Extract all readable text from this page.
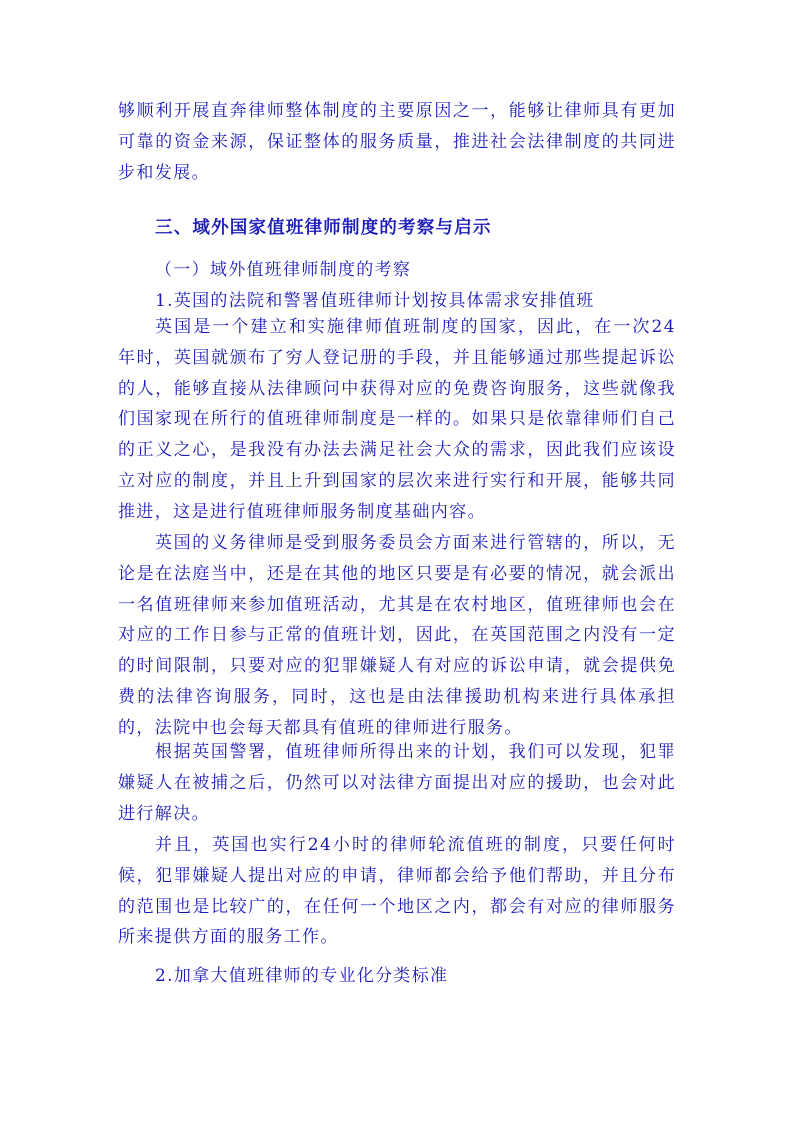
够顺利开展直奔律师整体制度的主要原因之一，能够让律师具有更加可靠的资金来源，保证整体的服务质量，推进社会法律制度的共同进步和发展。

三、域外国家值班律师制度的考察与启示

（一）域外值班律师制度的考察

1.英国的法院和警署值班律师计划按具体需求安排值班

英国是一个建立和实施律师值班制度的国家，因此，在一次24年时，英国就颁布了穷人登记册的手段，并且能够通过那些提起诉讼的人，能够直接从法律顾问中获得对应的免费咨询服务，这些就像我们国家现在所行的值班律师制度是一样的。如果只是依靠律师们自己的正义之心，是我没有办法去满足社会大众的需求，因此我们应该设立对应的制度，并且上升到国家的层次来进行实行和开展，能够共同推进，这是进行值班律师服务制度基础内容。

英国的义务律师是受到服务委员会方面来进行管辖的，所以，无论是在法庭当中，还是在其他的地区只要是有必要的情况，就会派出一名值班律师来参加值班活动，尤其是在农村地区，值班律师也会在对应的工作日参与正常的值班计划，因此，在英国范围之内没有一定的时间限制，只要对应的犯罪嫌疑人有对应的诉讼申请，就会提供免费的法律咨询服务，同时，这也是由法律援助机构来进行具体承担的，法院中也会每天都具有值班的律师进行服务。

根据英国警署，值班律师所得出来的计划，我们可以发现，犯罪嫌疑人在被捕之后，仍然可以对法律方面提出对应的援助，也会对此进行解决。

并且，英国也实行24小时的律师轮流值班的制度，只要任何时候，犯罪嫌疑人提出对应的申请，律师都会给予他们帮助，并且分布的范围也是比较广的，在任何一个地区之内，都会有对应的律师服务所来提供方面的服务工作。

2.加拿大值班律师的专业化分类标准
